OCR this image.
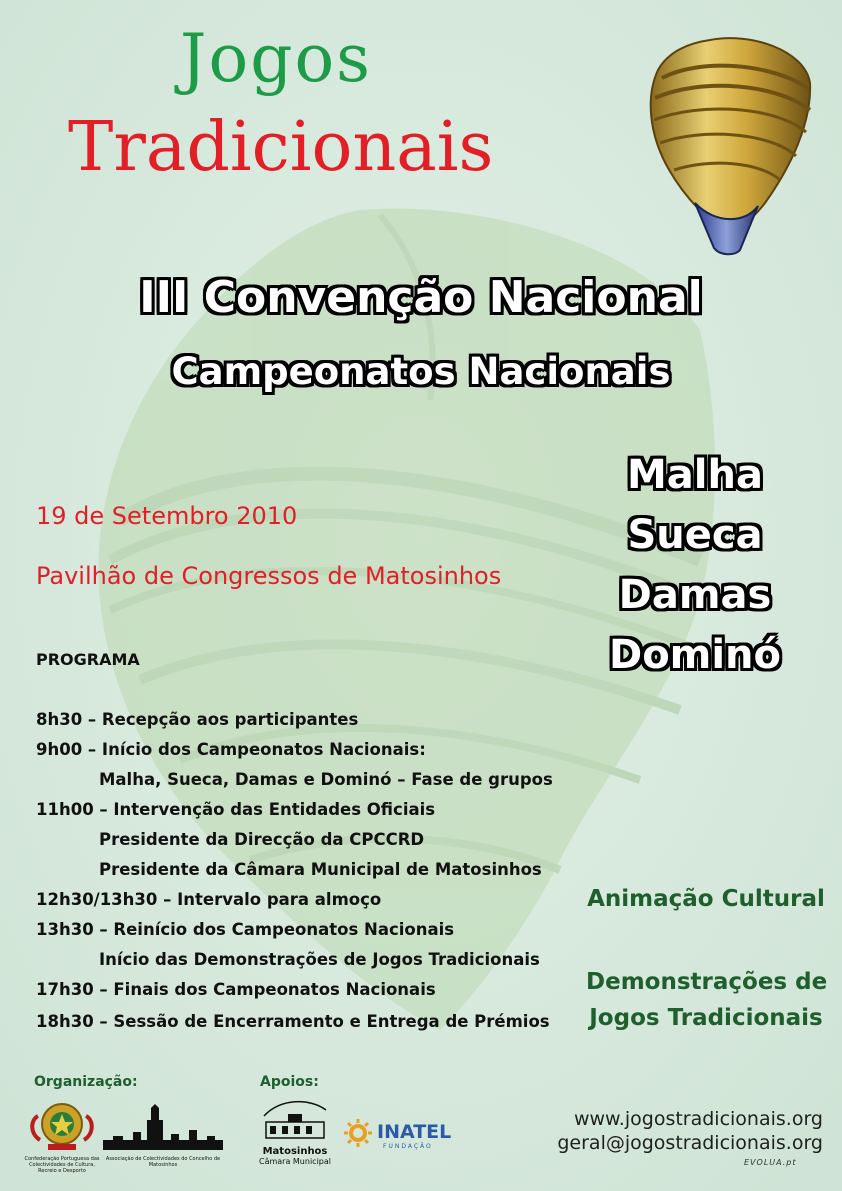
Jogos
Tradicionais
III Convenção Nacional
Campeonatos Nacionais
Malha
Sueca
Damas
Dominó
19 de Setembro 2010
Pavilhão de Congressos de Matosinhos
PROGRAMA
8h30 – Recepção aos participantes
9h00 – Início dos Campeonatos Nacionais:
Malha, Sueca, Damas e Dominó – Fase de grupos
11h00 – Intervenção das Entidades Oficiais
Presidente da Direcção da CPCCRD
Presidente da Câmara Municipal de Matosinhos
12h30/13h30 – Intervalo para almoço
13h30 – Reinício dos Campeonatos Nacionais
Início das Demonstrações de Jogos Tradicionais
17h30 – Finais dos Campeonatos Nacionais
18h30 – Sessão de Encerramento e Entrega de Prémios
Animação Cultural
Demonstrações de
Jogos Tradicionais
Organização:	Apoios:
Confederação Portuguesa das Colectividades de Cultura, Recreio e Desporto
Associação de Colectividades do Concelho de Matosinhos
Matosinhos
Câmara Municipal
INATEL
FUNDAÇÃO
www.jogostradicionais.org
geral@jogostradicionais.org
EVOLUA.pt
